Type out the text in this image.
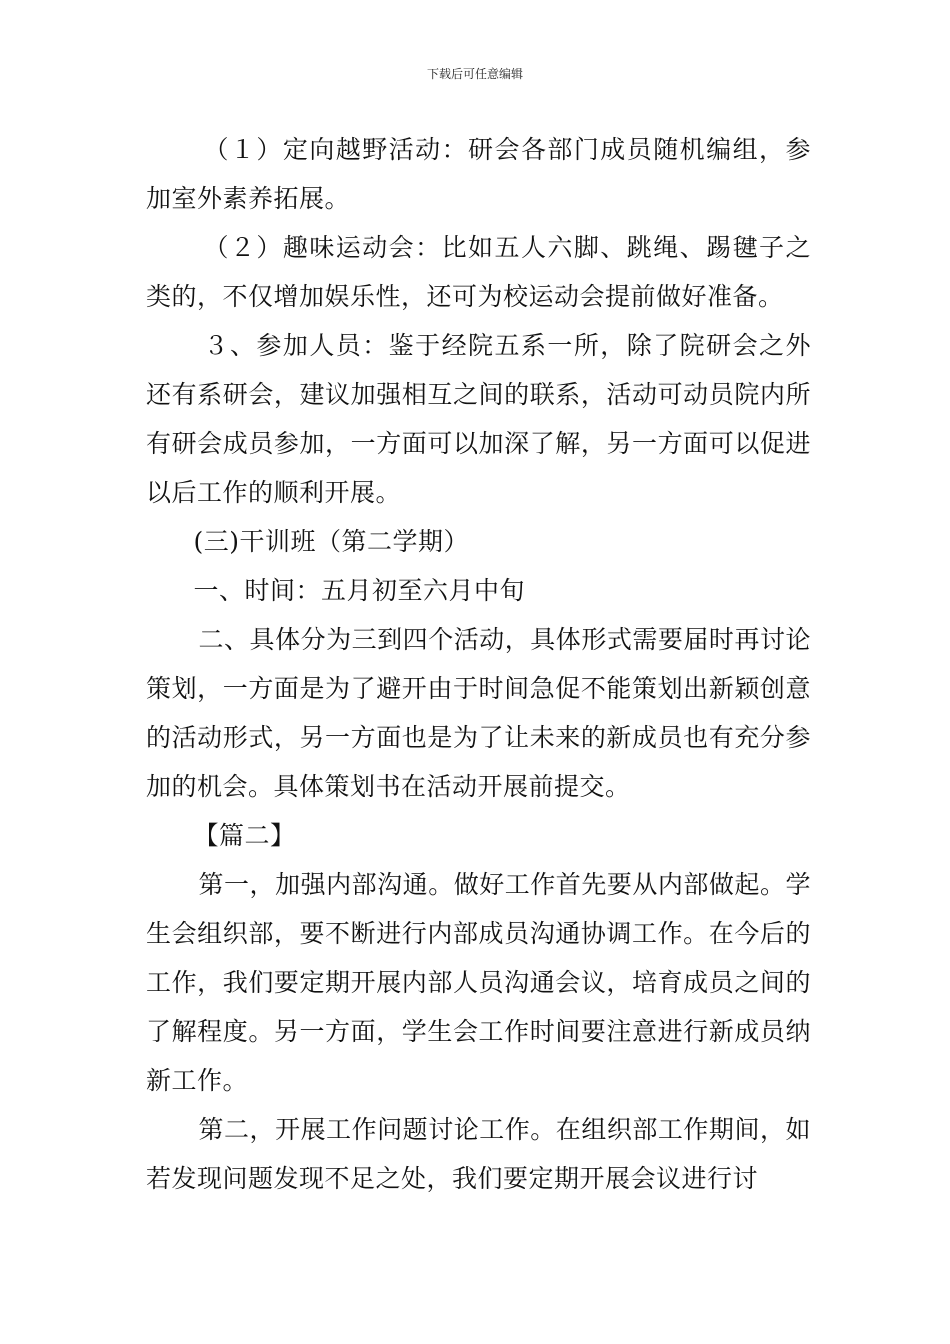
下载后可任意编辑

（１）定向越野活动：研会各部门成员随机编组，参加室外素养拓展。

（２）趣味运动会：比如五人六脚、跳绳、踢毽子之类的，不仅增加娱乐性，还可为校运动会提前做好准备。

３、参加人员：鉴于经院五系一所，除了院研会之外还有系研会，建议加强相互之间的联系，活动可动员院内所有研会成员参加，一方面可以加深了解，另一方面可以促进以后工作的顺利开展。

(三)干训班（第二学期）

一、时间：五月初至六月中旬

二、具体分为三到四个活动，具体形式需要届时再讨论策划，一方面是为了避开由于时间急促不能策划出新颖创意的活动形式，另一方面也是为了让未来的新成员也有充分参加的机会。具体策划书在活动开展前提交。

【篇二】

第一，加强内部沟通。做好工作首先要从内部做起。学生会组织部，要不断进行内部成员沟通协调工作。在今后的工作，我们要定期开展内部人员沟通会议，培育成员之间的了解程度。另一方面，学生会工作时间要注意进行新成员纳新工作。

第二，开展工作问题讨论工作。在组织部工作期间，如若发现问题发现不足之处，我们要定期开展会议进行讨
